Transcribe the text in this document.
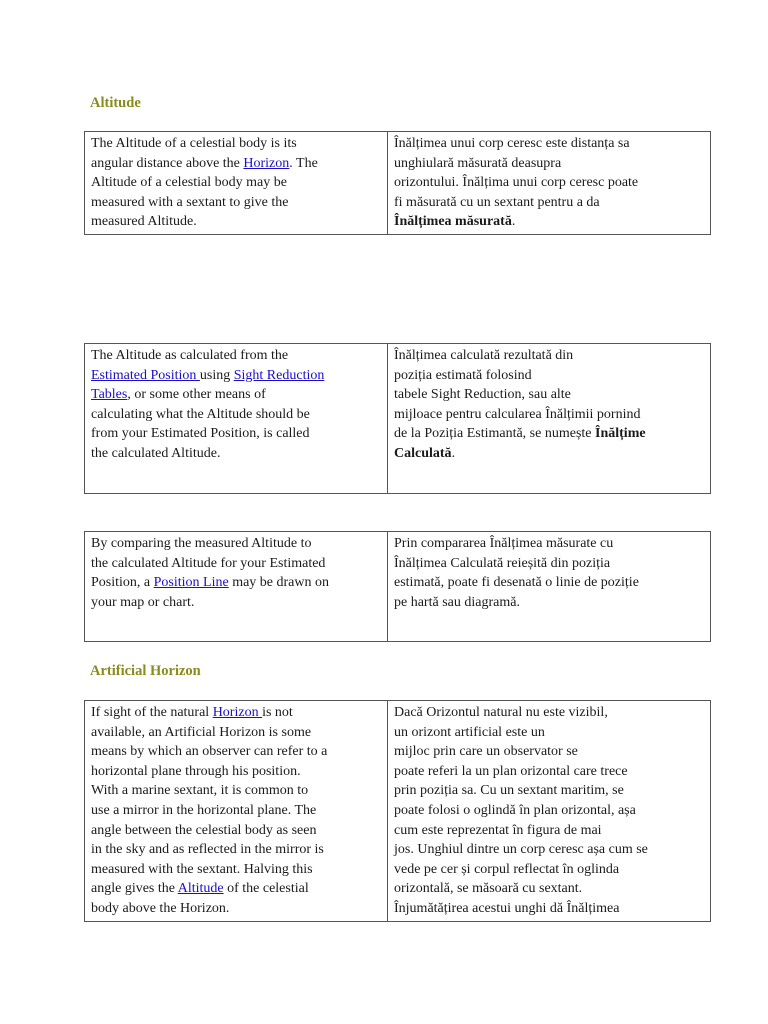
Altitude
The Altitude of a celestial body is its
angular distance above the Horizon. The
Altitude of a celestial body may be
measured with a sextant to give the
measured Altitude.

Înălțimea unui corp ceresc este distanța sa
unghiulară măsurată deasupra
orizontului. Înălțima unui corp ceresc poate
fi măsurată cu un sextant pentru a da
Înălțimea măsurată.
The Altitude as calculated from the
Estimated Position using Sight Reduction
Tables, or some other means of
calculating what the Altitude should be
from your Estimated Position, is called
the calculated Altitude.

Înălțimea calculată rezultată din
poziția estimată folosind
tabele Sight Reduction, sau alte
mijloace pentru calcularea Înălțimii pornind
de la Poziția Estimantă, se numește Înălțime
Calculată.
By comparing the measured Altitude to
the calculated Altitude for your Estimated
Position, a Position Line may be drawn on
your map or chart.

Prin compararea Înălțimea măsurate cu
Înălțimea Calculată reieșită din poziția
estimată, poate fi desenată o linie de poziție
pe hartă sau diagramă.
Artificial Horizon
If sight of the natural Horizon is not
available, an Artificial Horizon is some
means by which an observer can refer to a
horizontal plane through his position.
With a marine sextant, it is common to
use a mirror in the horizontal plane. The
angle between the celestial body as seen
in the sky and as reflected in the mirror is
measured with the sextant. Halving this
angle gives the Altitude of the celestial
body above the Horizon.

Dacă Orizontul natural nu este vizibil,
un orizont artificial este un
mijloc prin care un observator se
poate referi la un plan orizontal care trece
prin poziția sa. Cu un sextant maritim, se
poate folosi o oglindă în plan orizontal, așa
cum este reprezentat în figura de mai
jos. Unghiul dintre un corp ceresc așa cum se
vede pe cer și corpul reflectat în oglinda
orizontală, se măsoară cu sextant.
Înjumătățirea acestui unghi dă Înălțimea
